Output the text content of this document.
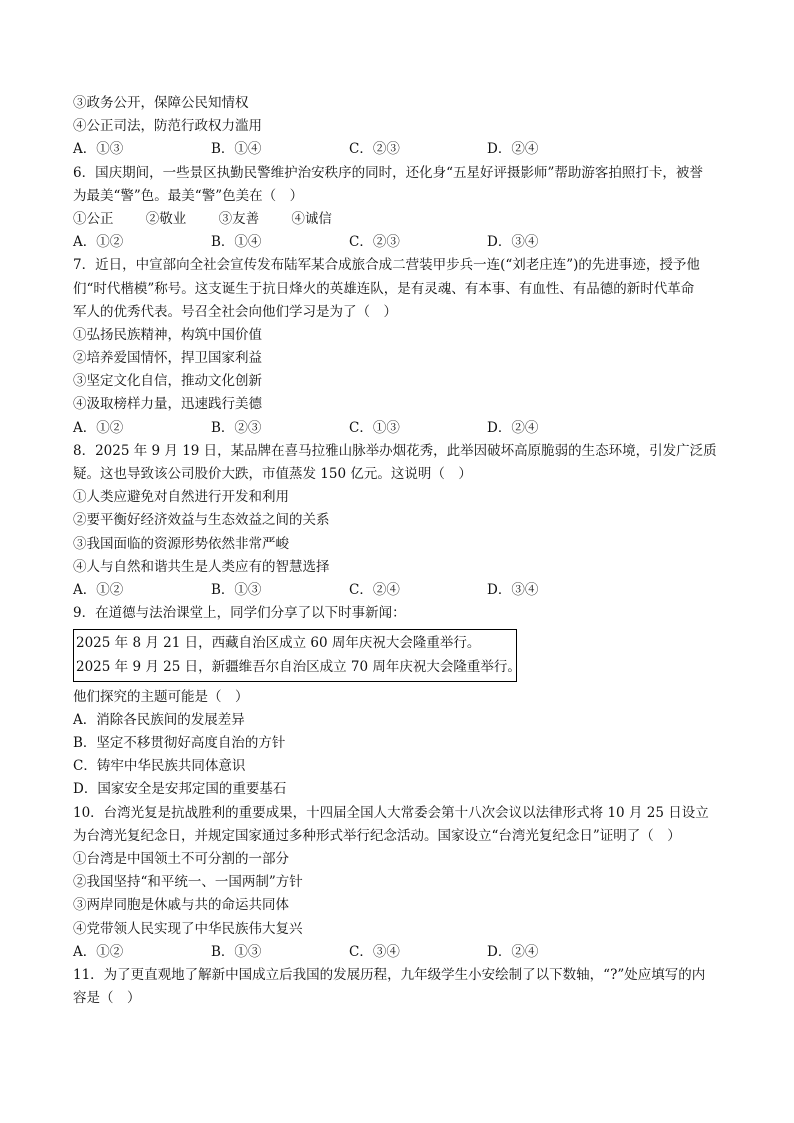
③政务公开，保障公民知情权
④公正司法，防范行政权力滥用
A．①③	B．①④	C．②③	D．②④
6．国庆期间，一些景区执勤民警维护治安秩序的同时，还化身“五星好评摄影师”帮助游客拍照打卡，被誉
为最美“警”色。最美“警”色美在（　）
①公正 ②敬业 ③友善 ④诚信
A．①②	B．①④	C．②③	D．③④
7．近日，中宣部向全社会宣传发布陆军某合成旅合成二营装甲步兵一连(“刘老庄连”)的先进事迹，授予他
们“时代楷模”称号。这支诞生于抗日烽火的英雄连队，是有灵魂、有本事、有血性、有品德的新时代革命
军人的优秀代表。号召全社会向他们学习是为了（　）
①弘扬民族精神，构筑中国价值
②培养爱国情怀，捍卫国家利益
③坚定文化自信，推动文化创新
④汲取榜样力量，迅速践行美德
A．①②	B．②③	C．①③	D．②④
8．2025 年 9 月 19 日，某品牌在喜马拉雅山脉举办烟花秀，此举因破坏高原脆弱的生态环境，引发广泛质
疑。这也导致该公司股价大跌，市值蒸发 150 亿元。这说明（　）
①人类应避免对自然进行开发和利用
②要平衡好经济效益与生态效益之间的关系
③我国面临的资源形势依然非常严峻
④人与自然和谐共生是人类应有的智慧选择
A．①②	B．①③	C．②④	D．③④
9．在道德与法治课堂上，同学们分享了以下时事新闻：
2025 年 8 月 21 日，西藏自治区成立 60 周年庆祝大会隆重举行。
2025 年 9 月 25 日，新疆维吾尔自治区成立 70 周年庆祝大会隆重举行。
他们探究的主题可能是（　）
A．消除各民族间的发展差异
B．坚定不移贯彻好高度自治的方针
C．铸牢中华民族共同体意识
D．国家安全是安邦定国的重要基石
10．台湾光复是抗战胜利的重要成果，十四届全国人大常委会第十八次会议以法律形式将 10 月 25 日设立
为台湾光复纪念日，并规定国家通过多种形式举行纪念活动。国家设立“台湾光复纪念日”证明了（　）
①台湾是中国领土不可分割的一部分
②我国坚持“和平统一、一国两制”方针
③两岸同胞是休戚与共的命运共同体
④党带领人民实现了中华民族伟大复兴
A．①②	B．①③	C．③④	D．②④
11．为了更直观地了解新中国成立后我国的发展历程，九年级学生小安绘制了以下数轴，“?”处应填写的内
容是（　）
